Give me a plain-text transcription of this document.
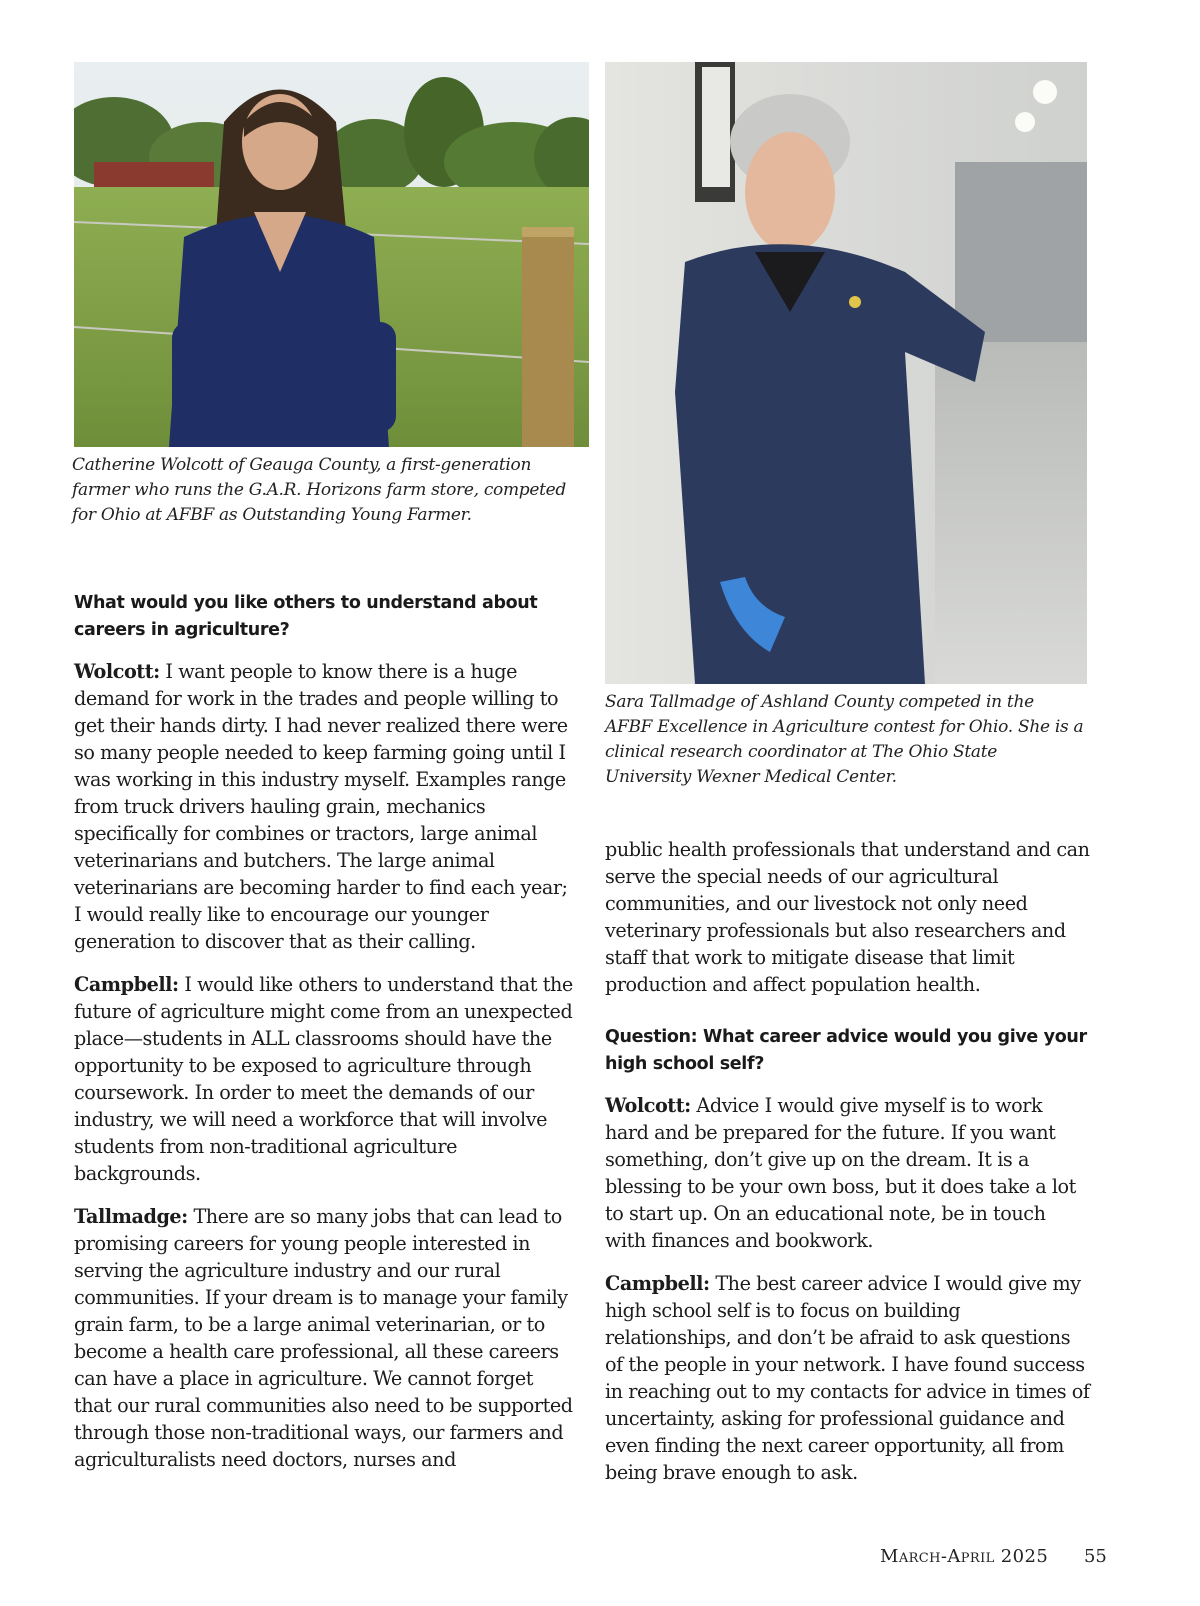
Catherine Wolcott of Geauga County, a first-generation farmer who runs the G.A.R. Horizons farm store, competed for Ohio at AFBF as Outstanding Young Farmer.
Sara Tallmadge of Ashland County competed in the AFBF Excellence in Agriculture contest for Ohio. She is a clinical research coordinator at The Ohio State University Wexner Medical Center.

What would you like others to understand about careers in agriculture?

Wolcott: I want people to know there is a huge demand for work in the trades and people willing to get their hands dirty. I had never realized there were so many people needed to keep farming going until I was working in this industry myself. Examples range from truck drivers hauling grain, mechanics specifically for combines or tractors, large animal veterinarians and butchers. The large animal veterinarians are becoming harder to find each year; I would really like to encourage our younger generation to discover that as their calling.

Campbell: I would like others to understand that the future of agriculture might come from an unexpected place—students in ALL classrooms should have the opportunity to be exposed to agriculture through coursework. In order to meet the demands of our industry, we will need a workforce that will involve students from non-traditional agriculture backgrounds.

Tallmadge: There are so many jobs that can lead to promising careers for young people interested in serving the agriculture industry and our rural communities. If your dream is to manage your family grain farm, to be a large animal veterinarian, or to become a health care professional, all these careers can have a place in agriculture. We cannot forget that our rural communities also need to be supported through those non-traditional ways, our farmers and agriculturalists need doctors, nurses and

public health professionals that understand and can serve the special needs of our agricultural communities, and our livestock not only need veterinary professionals but also researchers and staff that work to mitigate disease that limit production and affect population health.

Question: What career advice would you give your high school self?

Wolcott: Advice I would give myself is to work hard and be prepared for the future. If you want something, don’t give up on the dream. It is a blessing to be your own boss, but it does take a lot to start up. On an educational note, be in touch with finances and bookwork.

Campbell: The best career advice I would give my high school self is to focus on building relationships, and don’t be afraid to ask questions of the people in your network. I have found success in reaching out to my contacts for advice in times of uncertainty, asking for professional guidance and even finding the next career opportunity, all from being brave enough to ask.

March-April 2025 55
